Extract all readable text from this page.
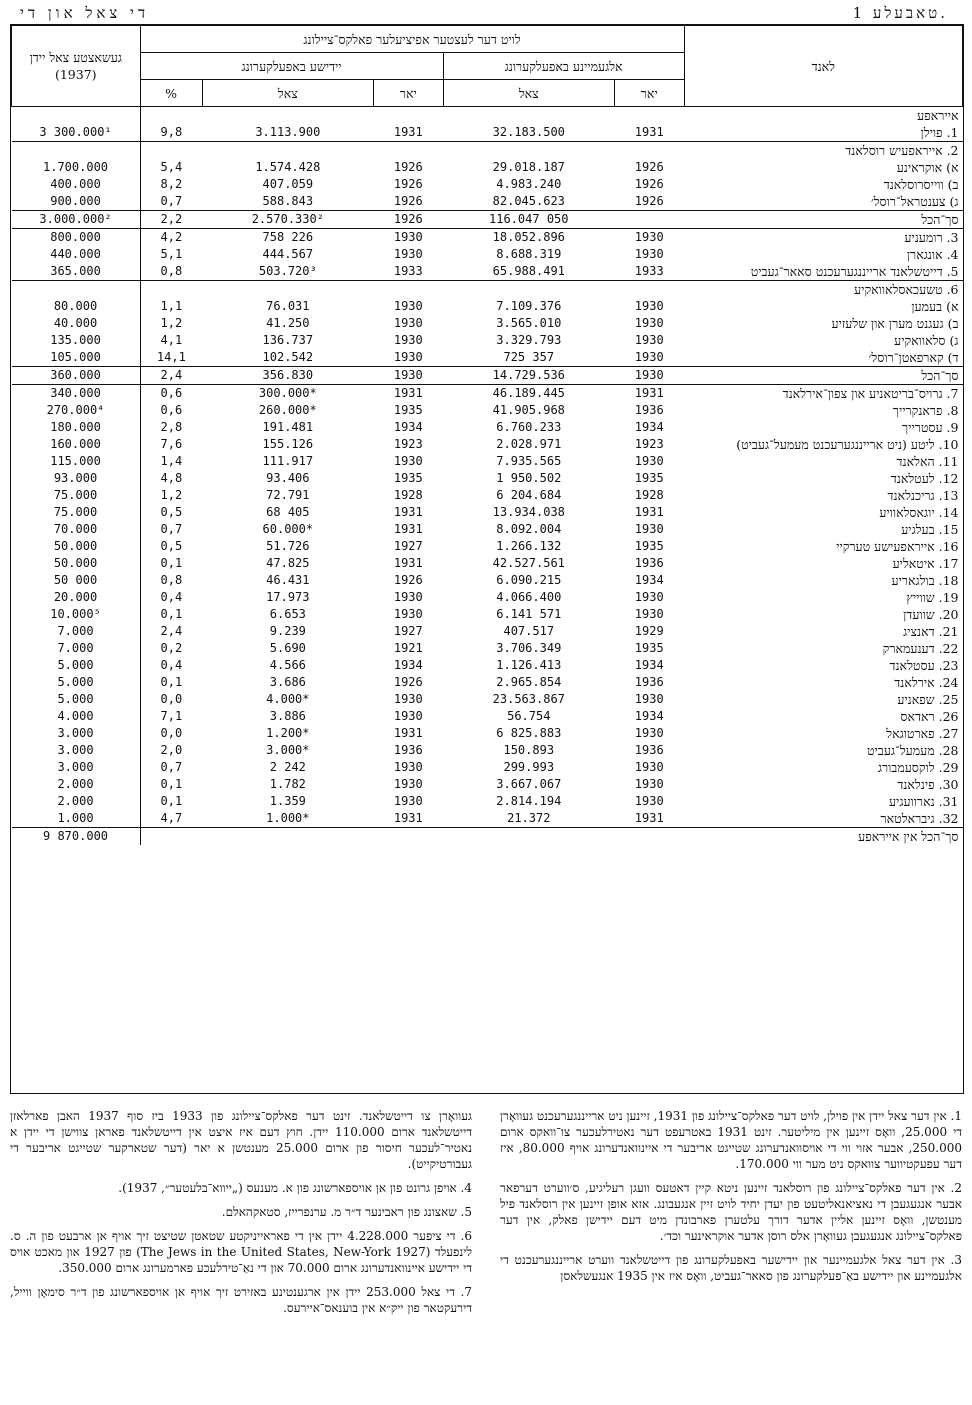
די צאל און די	טאבעלע 1.
לאנד	לויט דער לעצטער אפיציעלער פאלקס־ציילונג					געשאצטע צאל יידן (1937)
	אלגעמיינע באפעלקערונג		יידישע באפעלקערונג			
	יאר	צאל	יאר	צאל	%	
אייראפע						
1. פוילן	1931	32.183.500	1931	3.113.900	9,8	3 300.000¹
2. אייראפעיש רוסלאנד						
א) אוקראינע	1926	29.018.187	1926	1.574.428	5,4	1.700.000
ב) ווייסרוסלאנד	1926	4.983.240	1926	407.059	8,2	400.000
ג) צענטראל־רוסל׳	1926	82.045.623	1926	588.843	0,7	900.000
סך־הכל		116.047 050	1926	2.570.330²	2,2	3.000.000²
3. רומעניע	1930	18.052.896	1930	758 226	4,2	800.000
4. אונגארן	1930	8.688.319	1930	444.567	5,1	440.000
5. דייטשלאנד ארייננגערעכנט סאאר־געביט	1933	65.988.491	1933	503.720³	0,8	365.000
6. טשעכאסלאוואקיע						
א) בעמען	1930	7.109.376	1930	76.031	1,1	80.000
ב) געגנט מערן און שלעזיע	1930	3.565.010	1930	41.250	1,2	40.000
ג) סלאוואקיע	1930	3.329.793	1930	136.737	4,1	135.000
ד) קארפאטן־רוסל׳	1930	725 357	1930	102.542	14,1	105.000
סך־הכל	1930	14.729.536	1930	356.830	2,4	360.000
7. גרויס־בריטאניע און צפון־אירלאנד	1931	46.189.445	1931	300.000*	0,6	340.000
8. פראנקרייך	1936	41.905.968	1935	260.000*	0,6	270.000⁴
9. עסטרייך	1934	6.760.233	1934	191.481	2,8	180.000
10. ליטע (ניט ארייננגערעכנט מעמעל־געביט)	1923	2.028.971	1923	155.126	7,6	160.000
11. האלאנד	1930	7.935.565	1930	111.917	1,4	115.000
12. לעטלאנד	1935	1 950.502	1935	93.406	4,8	93.000
13. גריכנלאנד	1928	6 204.684	1928	72.791	1,2	75.000
14. יוגאסלאוויע	1931	13.934.038	1931	68 405	0,5	75.000
15. בעלגיע	1930	8.092.004	1931	60.000*	0,7	70.000
16. אייראפעישע טערקיי	1935	1.266.132	1927	51.726	0,5	50.000
17. איטאליע	1936	42.527.561	1931	47.825	0,1	50.000
18. בולגאריע	1934	6.090.215	1926	46.431	0,8	50 000
19. שווייץ	1930	4.066.400	1930	17.973	0,4	20.000
20. שוועדן	1930	6.141 571	1930	6.653	0,1	10.000⁵
21. דאנציג	1929	407.517	1927	9.239	2,4	7.000
22. דענעמארק	1935	3.706.349	1921	5.690	0,2	7.000
23. עסטלאנד	1934	1.126.413	1934	4.566	0,4	5.000
24. אירלאנד	1936	2.965.854	1926	3.686	0,1	5.000
25. שפאניע	1930	23.563.867	1930	4.000*	0,0	5.000
26. ראדאס	1934	56.754	1930	3.886	7,1	4.000
27. פארטוגאל	1930	6 825.883	1931	1.200*	0,0	3.000
28. מעמעל־געביט	1936	150.893	1936	3.000*	2,0	3.000
29. לוקסעמבורג	1930	299.993	1930	2 242	0,7	3.000
30. פינלאנד	1930	3.667.067	1930	1.782	0,1	2.000
31. נארוועגיע	1930	2.814.194	1930	1.359	0,1	2.000
32. גיבראלטאר	1931	21.372	1931	1.000*	4,7	1.000
סך־הכל אין אייראפע						9 870.000

1. אין דער צאל יידן אין פוילן, לויט דער פאלקס־ציילונג פון 1931, זיינען ניט ארייננגערעכנט געוואָרן די 25.000, וואָס זיינען אין מיליטער. זינט 1931 באטרעפט דער נאטירלעכער צו־וואקס ארום 250.000, אבער אזוי ווי די אויסוואנדערונג שטייגט אריבער די איינוואנדערונג אויף 80.000, איז דער עפעקטיווער צוואקס ניט מער ווי 170.000.

2. אין דער פאלקס־ציילונג פון רוסלאנד זיינען ניטא קיין דאטעס וועגן רעליגיע, ס׳ווערט דערפאר אבער אנגעגעבן די נאציאנאליטעט פון יעדן יחיד לויט זיין אנגעבונג. אזא אופן זיינען אין רוסלאנד פיל מענטשן, וואָס זיינען אליין אדער דורך עלטערן פארבונדן מיט דעם יידישן פאלק, אין דער פאלקס־ציילונג אנגעגעבן געוואָרן אלס רוסן אדער אוקראינער וכד׳.

3. אין דער צאל אלגעמיינער און יידישער באפעלקערונג פון דייטשלאנד ווערט ארייננגערעכנט די אלגעמיינע און יידישע באַ־פעלקערונג פון סאאר־געביט, וואָס איז אין 1935 אנגעשלאסן

געוואָרן צו דייטשלאנד. זינט דער פאלקס־ציילונג פון 1933 ביז סוף 1937 האבן פארלאזן דייטשלאנד ארום 110.000 יידן. חוץ דעם איז איצט אין דייטשלאנד פאראן צווישן די יידן א נאטיר־לעכער חיסור פון ארום 25.000 מענטשן א יאר (דער שטארקער שטייגט אריבער די געבורטיקייט).

4. אויפן גרונט פון אן אויספארשונג פון א. מענעס („ייווא־בלעטער״, 1937).

5. שאצונג פון ראבינער ד״ר מ. ערנפרייז, סטאקהאלם.

6. די ציפער 4.228.000 יידן אין די פאראייניקטע שטאטן שטיצט זיך אויף אן ארבעט פון ה. ס. לינפעלד (The Jews in the United States, New-York 1927) פון 1927 און מאכט אויס די יידישע איינוואנדערונג ארום 70.000 און די נאַ־טירלעכע פארמערונג ארום 350.000.

7. די צאל 253.000 יידן אין ארגענטינע באזירט זיך אויף אן אויספארשונג פון ד״ר סימאָן ווייל, דירעקטאר פון ייק״א אין בוענאס־איירעס.
